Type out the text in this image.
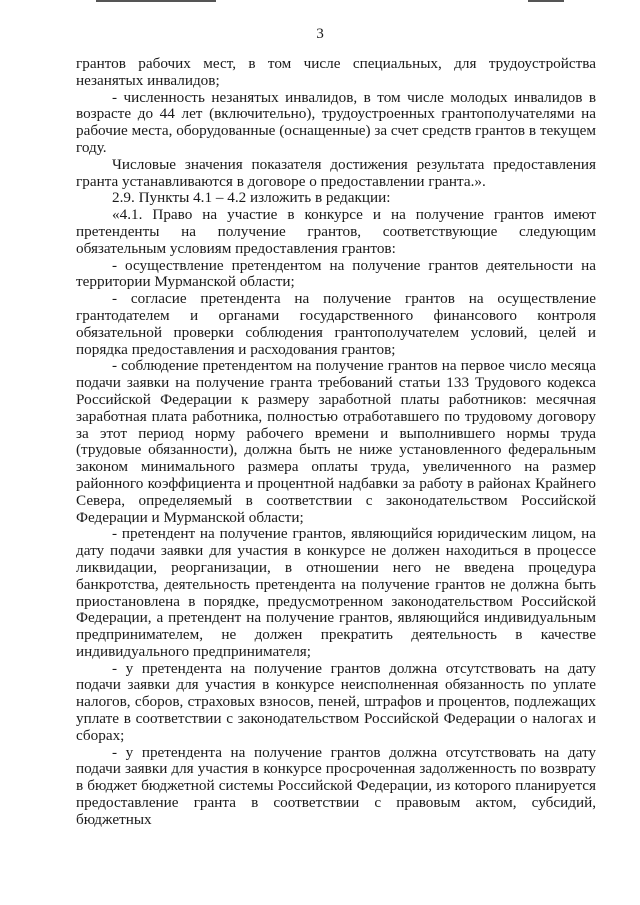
3

грантов рабочих мест, в том числе специальных, для трудоустройства незанятых инвалидов;

- численность незанятых инвалидов, в том числе молодых инвалидов в возрасте до 44 лет (включительно), трудоустроенных грантополучателями на рабочие места, оборудованные (оснащенные) за счет средств грантов в текущем году.

Числовые значения показателя достижения результата предоставления гранта устанавливаются в договоре о предоставлении гранта.».

2.9. Пункты 4.1 – 4.2 изложить в редакции:

«4.1. Право на участие в конкурсе и на получение грантов имеют претенденты на получение грантов, соответствующие следующим обязательным условиям предоставления грантов:

- осуществление претендентом на получение грантов деятельности на территории Мурманской области;

- согласие претендента на получение грантов на осуществление грантодателем и органами государственного финансового контроля обязательной проверки соблюдения грантополучателем условий, целей и порядка предоставления и расходования грантов;

- соблюдение претендентом на получение грантов на первое число месяца подачи заявки на получение гранта требований статьи 133 Трудового кодекса Российской Федерации к размеру заработной платы работников: месячная заработная плата работника, полностью отработавшего по трудовому договору за этот период норму рабочего времени и выполнившего нормы труда (трудовые обязанности), должна быть не ниже установленного федеральным законом минимального размера оплаты труда, увеличенного на размер районного коэффициента и процентной надбавки за работу в районах Крайнего Севера, определяемый в соответствии с законодательством Российской Федерации и Мурманской области;

- претендент на получение грантов, являющийся юридическим лицом, на дату подачи заявки для участия в конкурсе не должен находиться в процессе ликвидации, реорганизации, в отношении него не введена процедура банкротства, деятельность претендента на получение грантов не должна быть приостановлена в порядке, предусмотренном законодательством Российской Федерации, а претендент на получение грантов, являющийся индивидуальным предпринимателем, не должен прекратить деятельность в качестве индивидуального предпринимателя;

- у претендента на получение грантов должна отсутствовать на дату подачи заявки для участия в конкурсе неисполненная обязанность по уплате налогов, сборов, страховых взносов, пеней, штрафов и процентов, подлежащих уплате в соответствии с законодательством Российской Федерации о налогах и сборах;

- у претендента на получение грантов должна отсутствовать на дату подачи заявки для участия в конкурсе просроченная задолженность по возврату в бюджет бюджетной системы Российской Федерации, из которого планируется предоставление гранта в соответствии с правовым актом, субсидий, бюджетных
